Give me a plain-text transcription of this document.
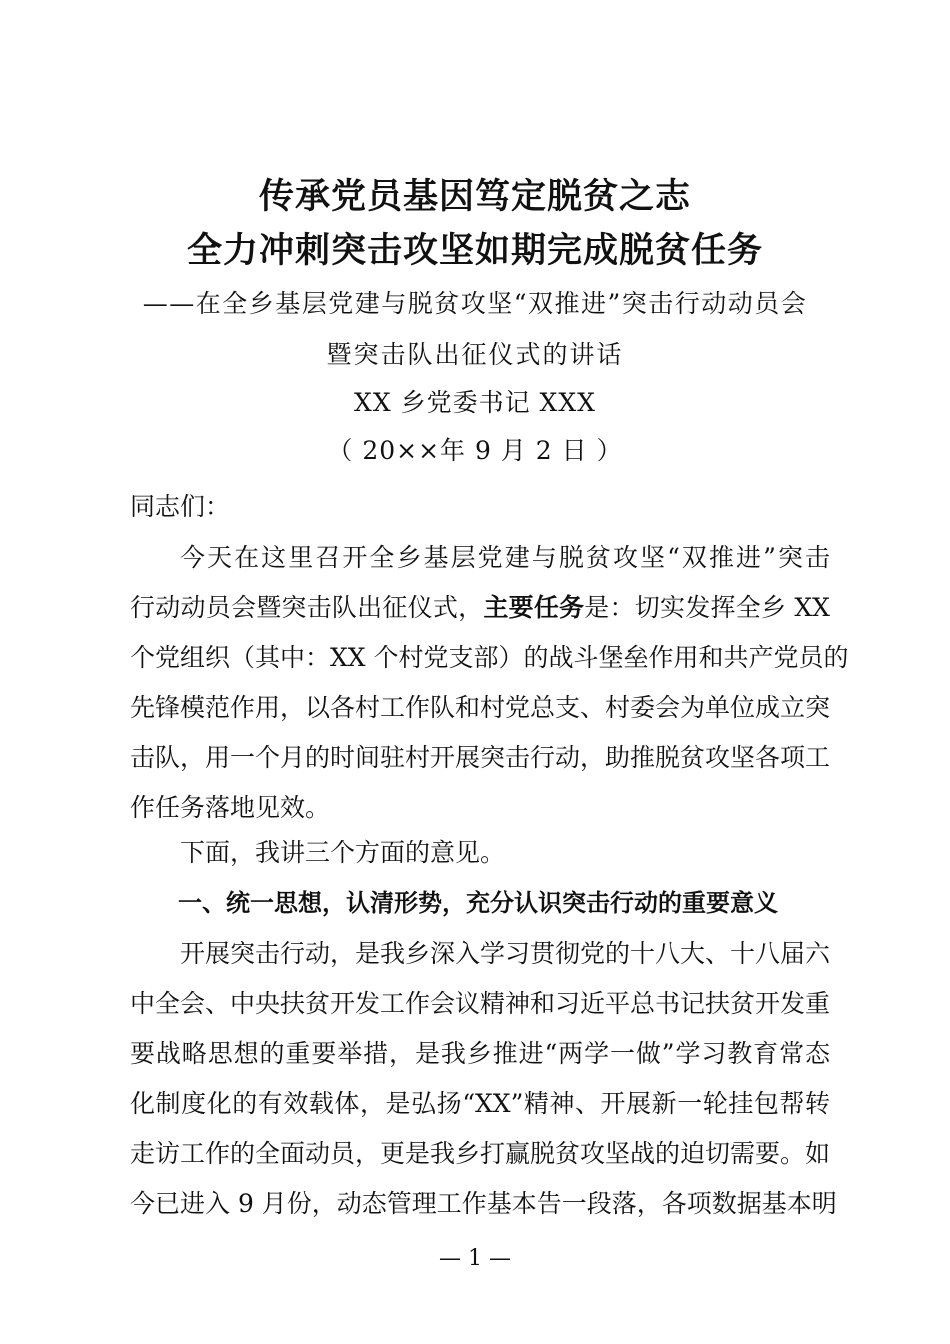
传承党员基因笃定脱贫之志
全力冲刺突击攻坚如期完成脱贫任务
——在全乡基层党建与脱贫攻坚“双推进”突击行动动员会
暨突击队出征仪式的讲话
XX 乡党委书记 XXX
（ 20××年 9 月 2 日 ）
同志们：
今天在这里召开全乡基层党建与脱贫攻坚“双推进”突击
行动动员会暨突击队出征仪式，主要任务是：切实发挥全乡 XX
个党组织（其中：XX 个村党支部）的战斗堡垒作用和共产党员的
先锋模范作用，以各村工作队和村党总支、村委会为单位成立突
击队，用一个月的时间驻村开展突击行动，助推脱贫攻坚各项工
作任务落地见效。
下面，我讲三个方面的意见。
一、统一思想，认清形势，充分认识突击行动的重要意义
开展突击行动，是我乡深入学习贯彻党的十八大、十八届六
中全会、中央扶贫开发工作会议精神和习近平总书记扶贫开发重
要战略思想的重要举措，是我乡推进“两学一做”学习教育常态
化制度化的有效载体，是弘扬“XX”精神、开展新一轮挂包帮转
走访工作的全面动员，更是我乡打赢脱贫攻坚战的迫切需要。如
今已进入 9 月份，动态管理工作基本告一段落，各项数据基本明
— 1 —
